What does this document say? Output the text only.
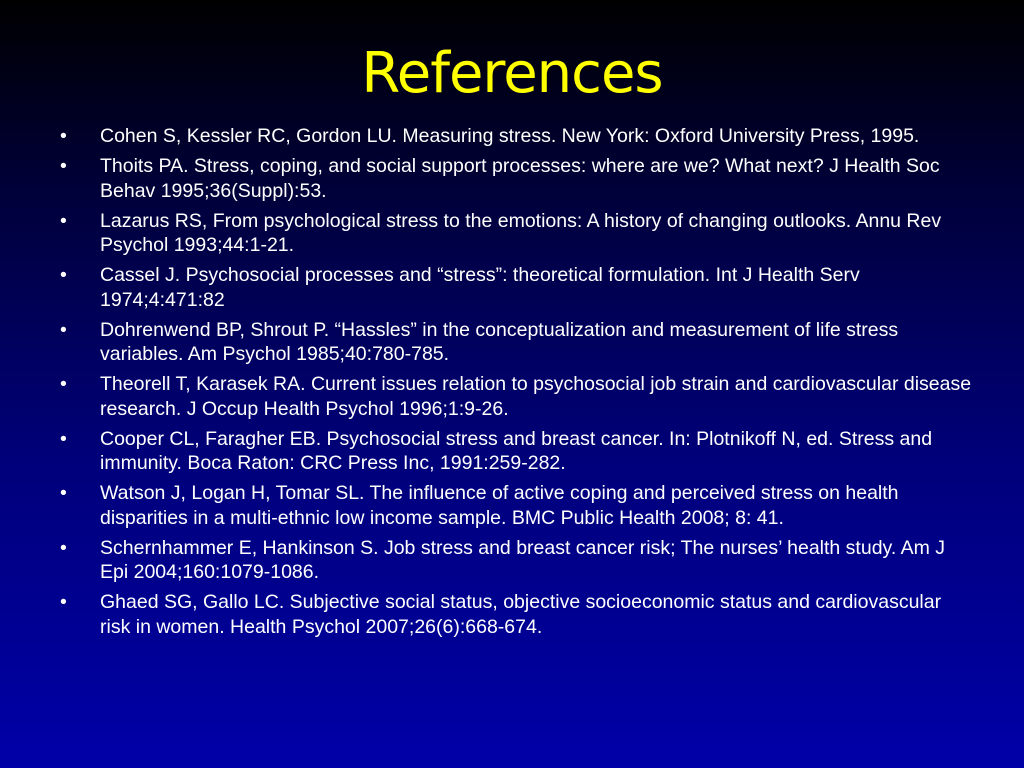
References
• Cohen S, Kessler RC, Gordon LU. Measuring stress. New York: Oxford University Press, 1995.
• Thoits PA. Stress, coping, and social support processes: where are we? What next? J Health Soc Behav 1995;36(Suppl):53.
• Lazarus RS, From psychological stress to the emotions: A history of changing outlooks. Annu Rev Psychol 1993;44:1-21.
• Cassel J. Psychosocial processes and “stress”: theoretical formulation. Int J Health Serv 1974;4:471:82
• Dohrenwend BP, Shrout P. “Hassles” in the conceptualization and measurement of life stress variables. Am Psychol 1985;40:780-785.
• Theorell T, Karasek RA. Current issues relation to psychosocial job strain and cardiovascular disease research. J Occup Health Psychol 1996;1:9-26.
• Cooper CL, Faragher EB. Psychosocial stress and breast cancer. In: Plotnikoff N, ed. Stress and immunity. Boca Raton: CRC Press Inc, 1991:259-282.
• Watson J, Logan H, Tomar SL. The influence of active coping and perceived stress on health disparities in a multi-ethnic low income sample. BMC Public Health 2008; 8: 41.
• Schernhammer E, Hankinson S. Job stress and breast cancer risk; The nurses’ health study. Am J Epi 2004;160:1079-1086.
• Ghaed SG, Gallo LC. Subjective social status, objective socioeconomic status and cardiovascular risk in women. Health Psychol 2007;26(6):668-674.
